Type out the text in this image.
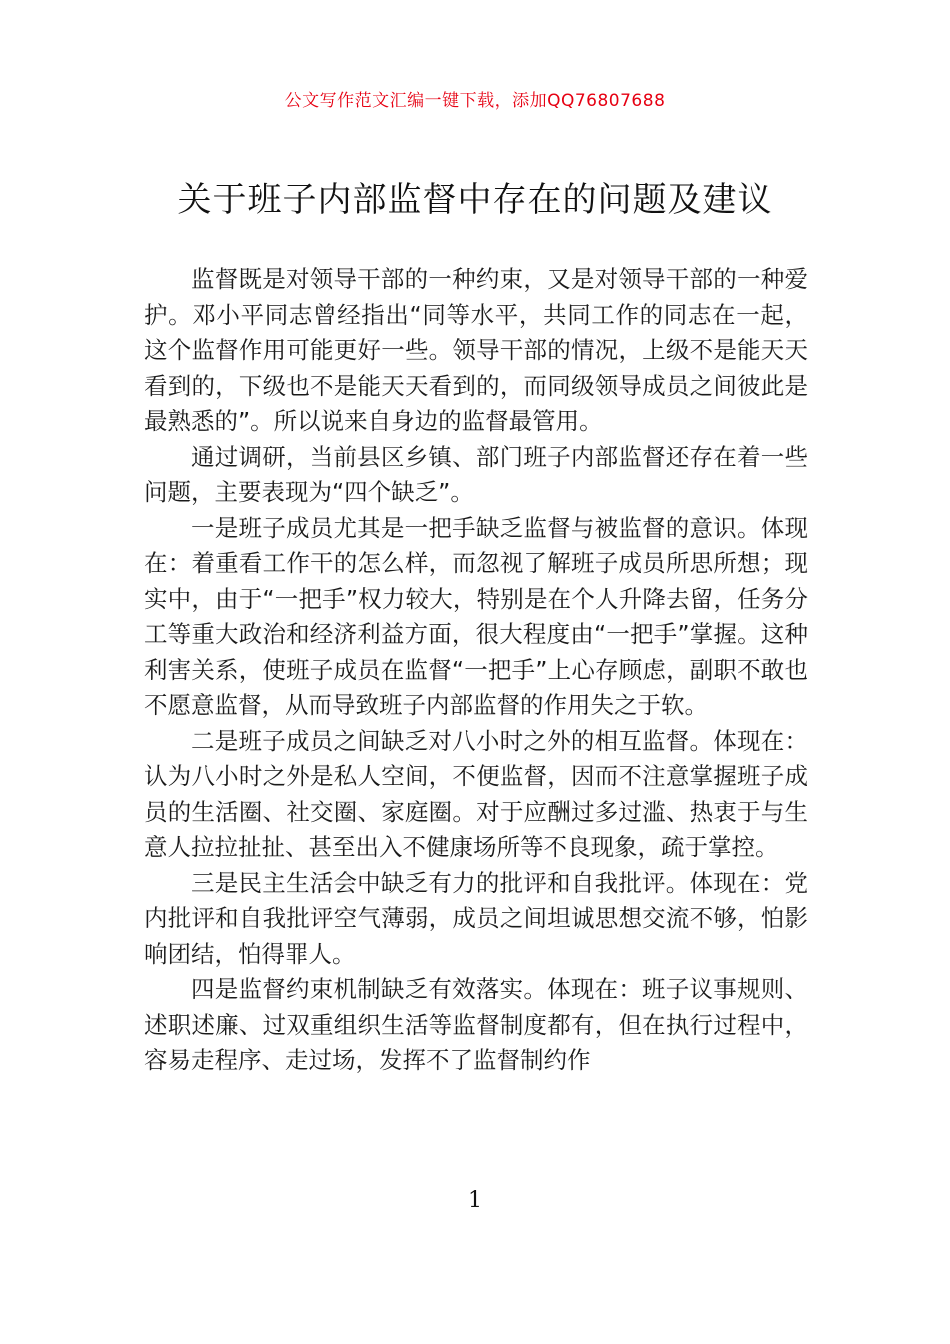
公文写作范文汇编一键下载，添加QQ76807688
关于班子内部监督中存在的问题及建议

监督既是对领导干部的一种约束，又是对领导干部的一种爱护。邓小平同志曾经指出“同等水平，共同工作的同志在一起，这个监督作用可能更好一些。领导干部的情况，上级不是能天天看到的，下级也不是能天天看到的，而同级领导成员之间彼此是最熟悉的”。所以说来自身边的监督最管用。

通过调研，当前县区乡镇、部门班子内部监督还存在着一些问题，主要表现为“四个缺乏”。

一是班子成员尤其是一把手缺乏监督与被监督的意识。体现在：着重看工作干的怎么样，而忽视了解班子成员所思所想；现实中，由于“一把手”权力较大，特别是在个人升降去留，任务分工等重大政治和经济利益方面，很大程度由“一把手”掌握。这种利害关系，使班子成员在监督“一把手”上心存顾虑，副职不敢也不愿意监督，从而导致班子内部监督的作用失之于软。

二是班子成员之间缺乏对八小时之外的相互监督。体现在：认为八小时之外是私人空间，不便监督，因而不注意掌握班子成员的生活圈、社交圈、家庭圈。对于应酬过多过滥、热衷于与生意人拉拉扯扯、甚至出入不健康场所等不良现象，疏于掌控。

三是民主生活会中缺乏有力的批评和自我批评。体现在：党内批评和自我批评空气薄弱，成员之间坦诚思想交流不够，怕影响团结，怕得罪人。

四是监督约束机制缺乏有效落实。体现在：班子议事规则、述职述廉、过双重组织生活等监督制度都有，但在执行过程中，容易走程序、走过场，发挥不了监督制约作

1
